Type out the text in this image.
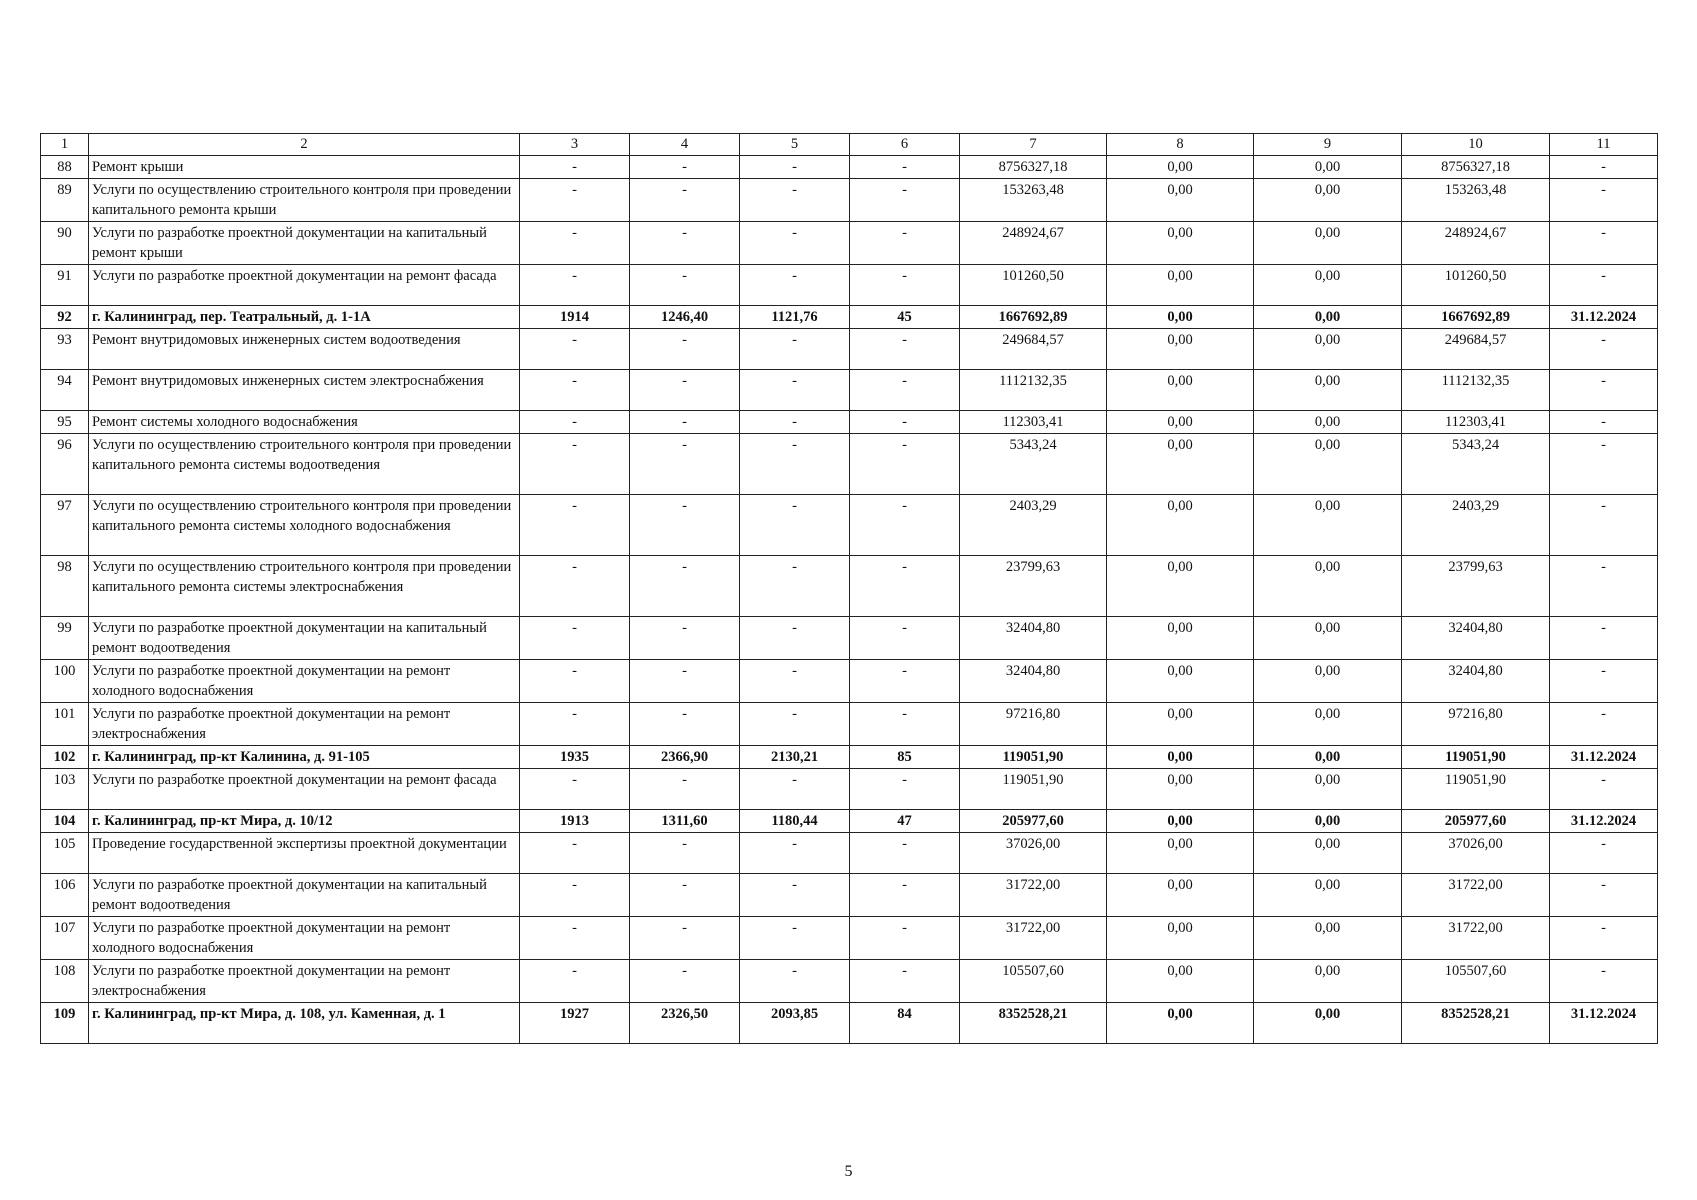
1	2	3	4	5	6	7	8	9	10	11
88	Ремонт крыши	-	-	-	-	8756327,18	0,00	0,00	8756327,18	-
89	Услуги по осуществлению строительного контроля при проведении капитального ремонта крыши	-	-	-	-	153263,48	0,00	0,00	153263,48	-
90	Услуги по разработке проектной документации на капитальный ремонт крыши	-	-	-	-	248924,67	0,00	0,00	248924,67	-
91	Услуги по разработке проектной документации на ремонт фасада	-	-	-	-	101260,50	0,00	0,00	101260,50	-
92	г. Калининград, пер. Театральный, д. 1-1А	1914	1246,40	1121,76	45	1667692,89	0,00	0,00	1667692,89	31.12.2024
93	Ремонт внутридомовых инженерных систем водоотведения	-	-	-	-	249684,57	0,00	0,00	249684,57	-
94	Ремонт внутридомовых инженерных систем электроснабжения	-	-	-	-	1112132,35	0,00	0,00	1112132,35	-
95	Ремонт системы холодного водоснабжения	-	-	-	-	112303,41	0,00	0,00	112303,41	-
96	Услуги по осуществлению строительного контроля при проведении капитального ремонта системы водоотведения	-	-	-	-	5343,24	0,00	0,00	5343,24	-
97	Услуги по осуществлению строительного контроля при проведении капитального ремонта системы холодного водоснабжения	-	-	-	-	2403,29	0,00	0,00	2403,29	-
98	Услуги по осуществлению строительного контроля при проведении капитального ремонта системы электроснабжения	-	-	-	-	23799,63	0,00	0,00	23799,63	-
99	Услуги по разработке проектной документации на капитальный ремонт водоотведения	-	-	-	-	32404,80	0,00	0,00	32404,80	-
100	Услуги по разработке проектной документации на ремонт холодного водоснабжения	-	-	-	-	32404,80	0,00	0,00	32404,80	-
101	Услуги по разработке проектной документации на ремонт электроснабжения	-	-	-	-	97216,80	0,00	0,00	97216,80	-
102	г. Калининград, пр-кт Калинина, д. 91-105	1935	2366,90	2130,21	85	119051,90	0,00	0,00	119051,90	31.12.2024
103	Услуги по разработке проектной документации на ремонт фасада	-	-	-	-	119051,90	0,00	0,00	119051,90	-
104	г. Калининград, пр-кт Мира, д. 10/12	1913	1311,60	1180,44	47	205977,60	0,00	0,00	205977,60	31.12.2024
105	Проведение государственной экспертизы проектной документации	-	-	-	-	37026,00	0,00	0,00	37026,00	-
106	Услуги по разработке проектной документации на капитальный ремонт водоотведения	-	-	-	-	31722,00	0,00	0,00	31722,00	-
107	Услуги по разработке проектной документации на ремонт холодного водоснабжения	-	-	-	-	31722,00	0,00	0,00	31722,00	-
108	Услуги по разработке проектной документации на ремонт электроснабжения	-	-	-	-	105507,60	0,00	0,00	105507,60	-
109	г. Калининград, пр-кт Мира, д. 108, ул. Каменная, д. 1	1927	2326,50	2093,85	84	8352528,21	0,00	0,00	8352528,21	31.12.2024
5
